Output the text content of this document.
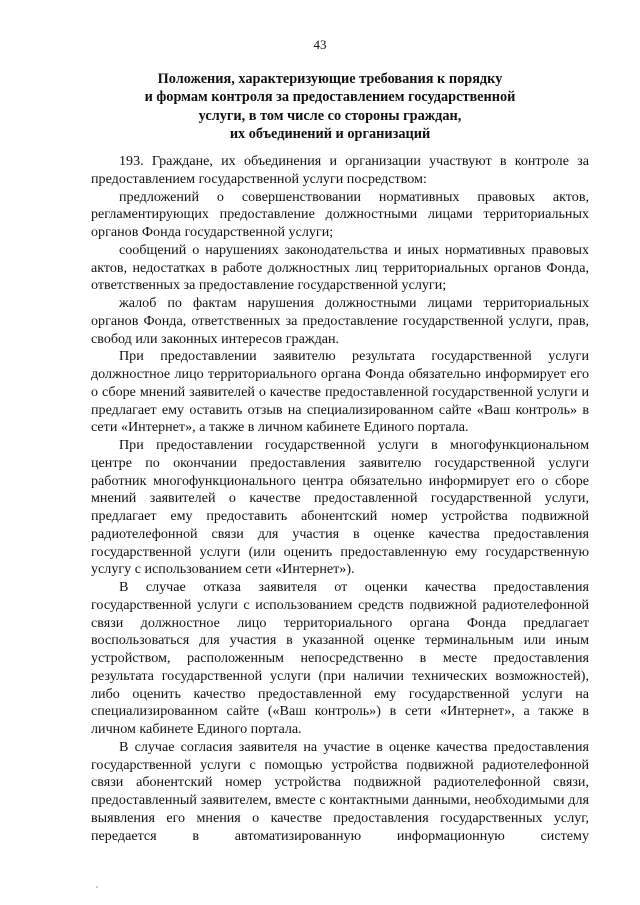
43
Положения, характеризующие требования к порядку
и формам контроля за предоставлением государственной
услуги, в том числе со стороны граждан,
их объединений и организаций

193. Граждане, их объединения и организации участвуют в контроле за предоставлением государственной услуги посредством:

предложений о совершенствовании нормативных правовых актов, регламентирующих предоставление должностными лицами территориальных органов Фонда государственной услуги;

сообщений о нарушениях законодательства и иных нормативных правовых актов, недостатках в работе должностных лиц территориальных органов Фонда, ответственных за предоставление государственной услуги;

жалоб по фактам нарушения должностными лицами территориальных органов Фонда, ответственных за предоставление государственной услуги, прав, свобод или законных интересов граждан.

При предоставлении заявителю результата государственной услуги должностное лицо территориального органа Фонда обязательно информирует его о сборе мнений заявителей о качестве предоставленной государственной услуги и предлагает ему оставить отзыв на специализированном сайте «Ваш контроль» в сети «Интернет», а также в личном кабинете Единого портала.

При предоставлении государственной услуги в многофункциональном центре по окончании предоставления заявителю государственной услуги работник многофункционального центра обязательно информирует его о сборе мнений заявителей о качестве предоставленной государственной услуги, предлагает ему предоставить абонентский номер устройства подвижной радиотелефонной связи для участия в оценке качества предоставления государственной услуги (или оценить предоставленную ему государственную услугу с использованием сети «Интернет»).

В случае отказа заявителя от оценки качества предоставления государственной услуги с использованием средств подвижной радиотелефонной связи должностное лицо территориального органа Фонда предлагает воспользоваться для участия в указанной оценке терминальным или иным устройством, расположенным непосредственно в месте предоставления результата государственной услуги (при наличии технических возможностей), либо оценить качество предоставленной ему государственной услуги на специализированном сайте («Ваш контроль») в сети «Интернет», а также в личном кабинете Единого портала.

В случае согласия заявителя на участие в оценке качества предоставления государственной услуги с помощью устройства подвижной радиотелефонной связи абонентский номер устройства подвижной радиотелефонной связи, предоставленный заявителем, вместе с контактными данными, необходимыми для выявления его мнения о качестве предоставления государственных услуг, передается в автоматизированную информационную систему
